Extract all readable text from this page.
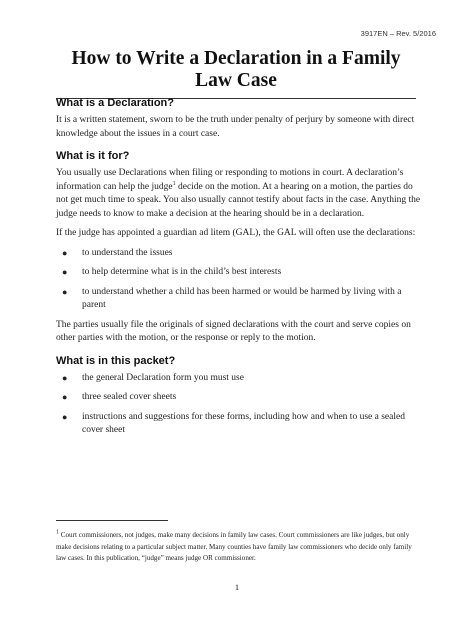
3917EN – Rev. 5/2016
How to Write a Declaration in a Family Law Case
What is a Declaration?

It is a written statement, sworn to be the truth under penalty of perjury by someone with direct knowledge about the issues in a court case.

What is it for?

You usually use Declarations when filing or responding to motions in court. A declaration’s information can help the judge$^1$ decide on the motion. At a hearing on a motion, the parties do not get much time to speak. You also usually cannot testify about facts in the case. Anything the judge needs to know to make a decision at the hearing should be in a declaration.

If the judge has appointed a guardian ad litem (GAL), the GAL will often use the declarations:

● to understand the issues
● to help determine what is in the child’s best interests
● to understand whether a child has been harmed or would be harmed by living with a parent

The parties usually file the originals of signed declarations with the court and serve copies on other parties with the motion, or the response or reply to the motion.

What is in this packet?
● the general Declaration form you must use
● three sealed cover sheets
● instructions and suggestions for these forms, including how and when to use a sealed cover sheet

$^1$ Court commissioners, not judges, make many decisions in family law cases. Court commissioners are like judges, but only make decisions relating to a particular subject matter. Many counties have family law commissioners who decide only family law cases. In this publication, “judge” means judge OR commissioner.

1
